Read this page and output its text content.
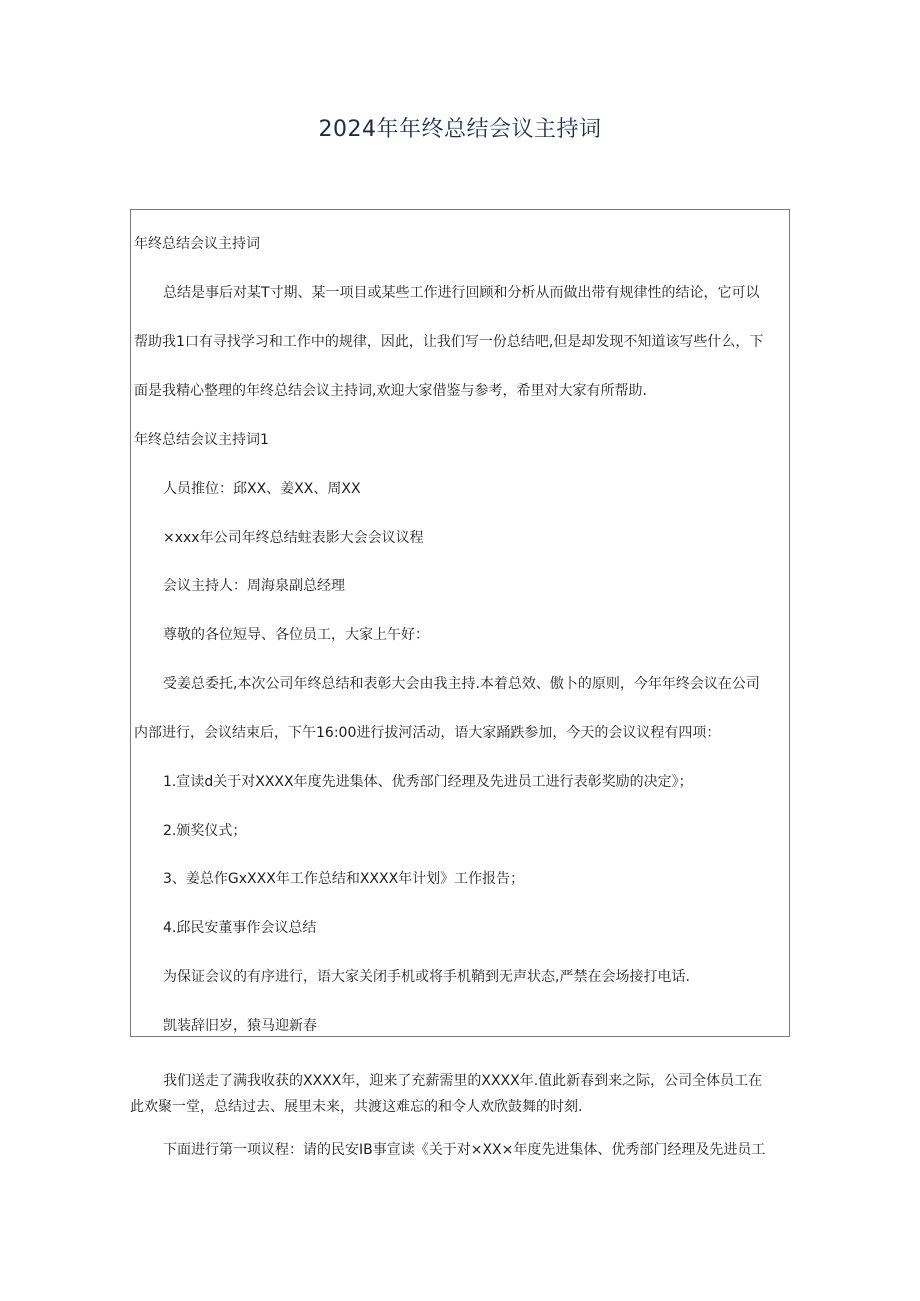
2024年年终总结会议主持词

年终总结会议主持词

总结是事后对某T寸期、某一项目或某些工作进行回顾和分析从而做出带有规律性的结论，它可以

帮助我1口有寻找学习和工作中的规律，因此，让我们写一份总结吧,但是却发现不知道该写些什么，下

面是我精心整理的年终总结会议主持词,欢迎大家借鉴与参考，希里对大家有所帮助.

年终总结会议主持词1

人员推位：邱XX、姜XX、周XX

×xxx年公司年终总结蛀表影大会会议议程

会议主持人：周海泉副总经理

尊敬的各位短导、各位员工，大家上午好：

受姜总委托,本次公司年终总结和表彰大会由我主持.本着总效、傲卜的原则，今年年终会议在公司

内部进行，会议结束后，下午16:00进行拔河活动，语大家踊跌参加，今天的会议议程有四项：

1.宣读d关于对XXXX年度先进集体、优秀部门经理及先进员工进行表彰奖励的决定》；

2.颁奖仪式；

3、姜总作GxXXX年工作总结和XXXX年计划》工作报告；

4.邱民安董事作会议总结

为保证会议的有序进行，语大家关闭手机或将手机鞘到无声状态,严禁在会场接打电话.

凯装辞旧岁，猿马迎新春

我们送走了满我收获的XXXX年，迎来了充薪需里的XXXX年.值此新春到来之际，公司全体员工在

此欢聚一堂，总结过去、展里未来，共渡这难忘的和令人欢欣鼓舞的时刻.

下面进行第一项议程：请的民安IB事宣读《关于对×XX×年度先进集体、优秀部门经理及先进员工
